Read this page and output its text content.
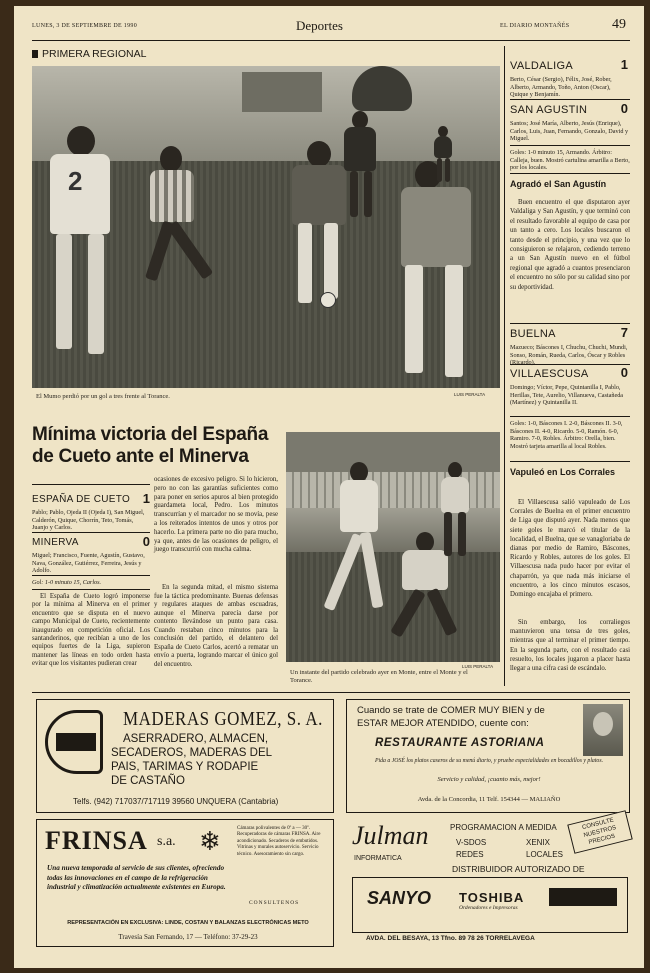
LUNES, 3 DE SEPTIEMBRE DE 1990	Deportes	EL DIARIO MONTAÑÉS	49
PRIMERA REGIONAL
2
El Mumo perdió por un gol a tres frente al Torance.	LUIS PERALTA
VALDALIGA	1
Berto, César (Sergio), Félix, José, Rober, Alberto, Armando, Toño, Anton (Oscar), Quique y Benjamín.
SAN AGUSTIN	0
Santos; José María, Alberto, Jesús (Enrique), Carlos, Luis, Juan, Fernando, Gonzalo, David y Miguel.
Goles: 1-0 minuto 15, Armando. Árbitro: Calleja, buen. Mostró cartulina amarilla a Berto, por los locales.
Agradó el San Agustín
Buen encuentro el que disputaron ayer Valdaliga y San Agustín, y que terminó con el resultado favorable al equipo de casa por un tanto a cero. Los locales buscaron el tanto desde el principio, y una vez que lo consiguieron se relajaron, cediendo terreno a un San Agustín nuevo en el fútbol regional que agradó a cuantos presenciaron el encuentro no sólo por su calidad sino por su deportividad.
BUELNA	7
Mazueco; Báscones I, Chuchu, Chuchi, Mundi, Sonso, Román, Rueda, Carlos, Óscar y Robles (Ricardo).
VILLAESCUSA	0
Domingo; Víctor, Pepe, Quintanilla I, Pablo, Herillas, Tete, Aurelio, Villanueva, Castañeda (Martínez) y Quintanilla II.
Goles: 1-0, Báscones I. 2-0, Báscones II. 3-0, Báscones II. 4-0, Ricardo. 5-0, Ramón. 6-0, Ramiro. 7-0, Robles. Árbitro: Orella, bien. Mostró tarjeta amarilla al local Robles.
Vapuleó en Los Corrales
El Villaescusa salió vapuleado de Los Corrales de Buelna en el primer encuentro de Liga que disputó ayer. Nada menos que siete goles le marcó el titular de la localidad, el Buelna, que se vanagloriaba de dianas por medio de Ramiro, Báscones, Ricardo y Robles, autores de los goles. El Villaescusa nada pudo hacer por evitar el chaparrón, ya que nada más iniciarse el encuentro, a los cinco minutos escasos, Domingo encajaba el primero.
Sin embargo, los corraliegos mantuvieron una tensa de tres goles, mientras que al terminar el primer tiempo. En la segunda parte, con el resultado casi resuelto, los locales jugaron a placer hasta llegar a una cifra casi de escándalo.
Mínima victoria del España de Cueto ante el Minerva
ESPAÑA DE CUETO 1
Pablo; Pablo, Ojeda II (Ojeda I), San Miguel, Calderón, Quique, Chorrín, Teto, Tomás, Juanjo y Carlos.
MINERVA	0
Miguel; Francisco, Fuente, Agustín, Gustavo, Nava, González, Gutiérrez, Ferreira, Jesús y Adolfo.
Gol: 1-0 minuto 15, Carlos.
El España de Cueto logró imponerse por la mínima al Minerva en el primer encuentro que se disputa en el nuevo campo Municipal de Cueto, recientemente inaugurado en competición oficial. Los santanderinos, que recibían a uno de los equipos fuertes de la Liga, supieron mantener las líneas en todo orden hasta evitar que los visitantes pudieran crear
ocasiones de excesivo peligro. Si lo hicieron, pero no con las garantías suficientes como para poner en serios apuros al bien protegido guardameta local, Pedro. Los minutos transcurrían y el marcador no se movía, pese a los reiterados intentos de unos y otros por hacerlo. La primera parte no dio para mucho, ya que, antes de las ocasiones de peligro, el juego transcurrió con mucha calma.
En la segunda mitad, el mismo sistema fue la táctica predominante. Buenas defensas y regulares ataques de ambas escuadras, aunque el Minerva parecía darse por contento llevándose un punto para casa. Cuando restaban cinco minutos para la conclusión del partido, el delantero del España de Cueto Carlos, acertó a rematar un envío a puerta, logrando marcar el único gol del encuentro.
Un instante del partido celebrado ayer en Monte, entre el Monte y el Torance.
LUIS PERALTA
MADERAS GOMEZ, S. A.
ASERRADERO, ALMACEN,
SECADEROS, MADERAS DEL
PAIS, TARIMAS Y RODAPIE
DE CASTAÑO
Telfs. (942) 717037/717119 39560 UNQUERA (Cantabria)
Cuando se trate de COMER MUY BIEN y de
ESTAR MEJOR ATENDIDO, cuente con:
RESTAURANTE ASTORIANA
Pida a JOSÉ los platos caseros de su menú diario, y pruebe especialidades en bocadillos y platos.
Servicio y calidad, ¡cuanto más, mejor!
Avda. de la Concordia, 11 Telf. 154344 — MALIAÑO
FRINSA s.a. ❄
Una nueva temporada al servicio de sus clientes, ofreciendo todas las innovaciones en el campo de la refrigeración industrial y climatización actualmente existentes en Europa.
Cámaras polivalentes de 0º a — 30º. Recuperadoras de cámaras FRINSA. Aire acondicionado. Secaderos de embutidos. Vitrinas y murales autoservicio. Servicio técnico. Asesoramiento sin cargo.
CONSULTENOS
REPRESENTACIÓN EN EXCLUSIVA: LINDE, COSTAN Y BALANZAS ELECTRÓNICAS METO
Travesía San Fernando, 17 — Teléfono: 37-29-23
Julman
INFORMATICA
PROGRAMACION A MEDIDA
V-SDOS	XENIX
REDES	LOCALES
CONSULTE NUESTROS PRECIOS
DISTRIBUIDOR AUTORIZADO DE
SANYO TOSHIBA
Ordenadores e Impresoras
AVDA. DEL BESAYA, 13 Tfno. 89 78 26 TORRELAVEGA
